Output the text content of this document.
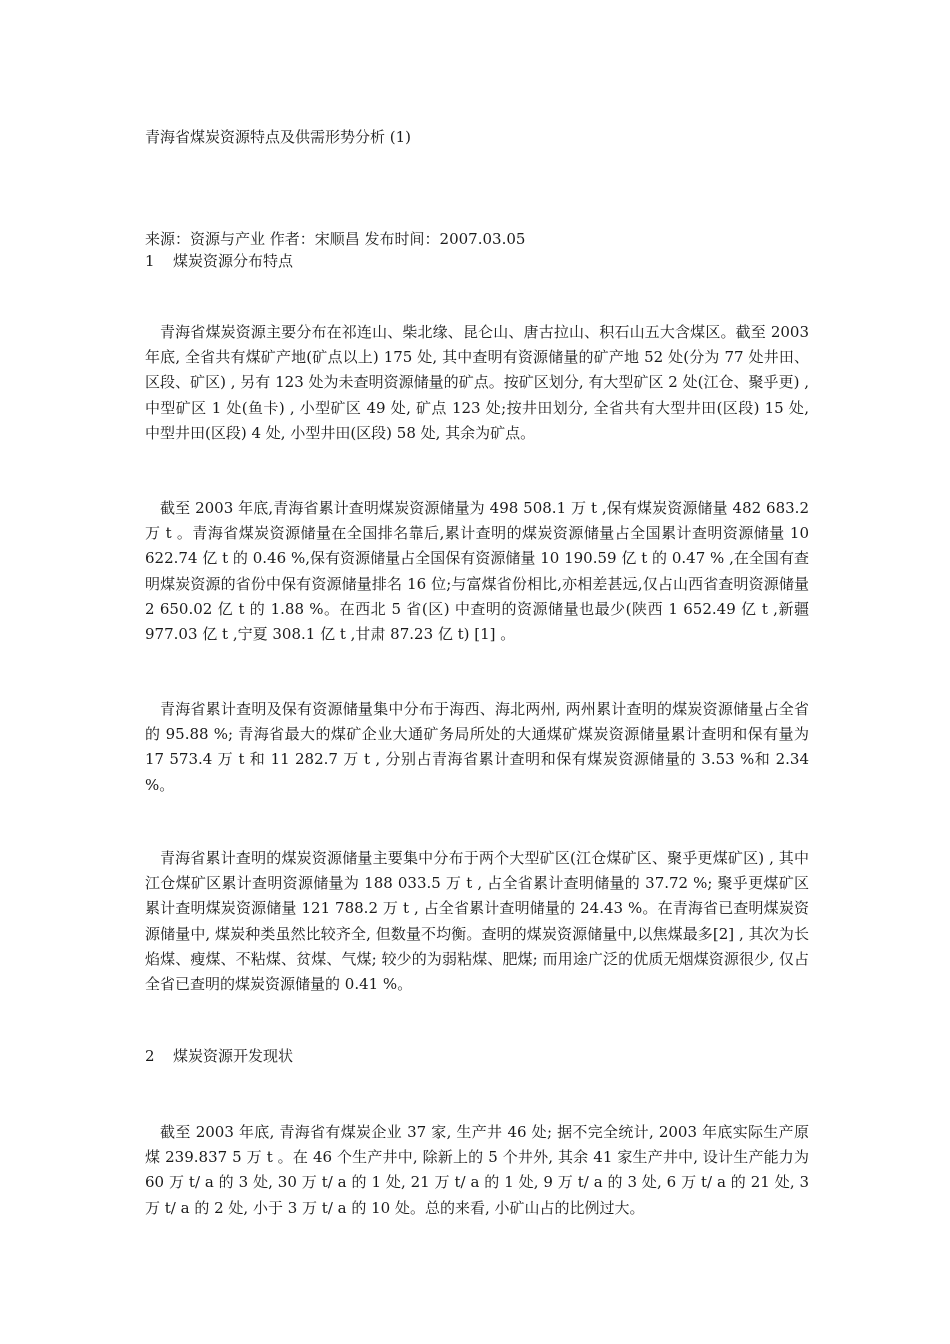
青海省煤炭资源特点及供需形势分析 (1)
来源：资源与产业 作者：宋顺昌 发布时间：2007.03.05
1 煤炭资源分布特点

青海省煤炭资源主要分布在祁连山、柴北缘、昆仑山、唐古拉山、积石山五大含煤区。截至 2003 年底, 全省共有煤矿产地(矿点以上) 175 处, 其中查明有资源储量的矿产地 52 处(分为 77 处井田、区段、矿区) , 另有 123 处为未查明资源储量的矿点。按矿区划分, 有大型矿区 2 处(江仓、聚乎更) , 中型矿区 1 处(鱼卡) , 小型矿区 49 处, 矿点 123 处;按井田划分, 全省共有大型井田(区段) 15 处, 中型井田(区段) 4 处, 小型井田(区段) 58 处, 其余为矿点。

截至 2003 年底,青海省累计查明煤炭资源储量为 498 508.1 万 t ,保有煤炭资源储量 482 683.2 万 t 。青海省煤炭资源储量在全国排名靠后,累计查明的煤炭资源储量占全国累计查明资源储量 10 622.74 亿 t 的 0.46 %,保有资源储量占全国保有资源储量 10 190.59 亿 t 的 0.47 % ,在全国有查明煤炭资源的省份中保有资源储量排名 16 位;与富煤省份相比,亦相差甚远,仅占山西省查明资源储量 2 650.02 亿 t 的 1.88 %。在西北 5 省(区) 中查明的资源储量也最少(陕西 1 652.49 亿 t ,新疆 977.03 亿 t ,宁夏 308.1 亿 t ,甘肃 87.23 亿 t) [1] 。

青海省累计查明及保有资源储量集中分布于海西、海北两州, 两州累计查明的煤炭资源储量占全省的 95.88 %; 青海省最大的煤矿企业大通矿务局所处的大通煤矿煤炭资源储量累计查明和保有量为 17 573.4 万 t 和 11 282.7 万 t , 分别占青海省累计查明和保有煤炭资源储量的 3.53 %和 2.34 %。

青海省累计查明的煤炭资源储量主要集中分布于两个大型矿区(江仓煤矿区、聚乎更煤矿区) , 其中江仓煤矿区累计查明资源储量为 188 033.5 万 t , 占全省累计查明储量的 37.72 %; 聚乎更煤矿区累计查明煤炭资源储量 121 788.2 万 t , 占全省累计查明储量的 24.43 %。在青海省已查明煤炭资源储量中, 煤炭种类虽然比较齐全, 但数量不均衡。查明的煤炭资源储量中,以焦煤最多[2] , 其次为长焰煤、瘦煤、不粘煤、贫煤、气煤; 较少的为弱粘煤、肥煤; 而用途广泛的优质无烟煤资源很少, 仅占全省已查明的煤炭资源储量的 0.41 %。

2 煤炭资源开发现状

截至 2003 年底, 青海省有煤炭企业 37 家, 生产井 46 处; 据不完全统计, 2003 年底实际生产原煤 239.837 5 万 t 。在 46 个生产井中, 除新上的 5 个井外, 其余 41 家生产井中, 设计生产能力为 60 万 t/ a 的 3 处, 30 万 t/ a 的 1 处, 21 万 t/ a 的 1 处, 9 万 t/ a 的 3 处, 6 万 t/ a 的 21 处, 3 万 t/ a 的 2 处, 小于 3 万 t/ a 的 10 处。总的来看, 小矿山占的比例过大。
